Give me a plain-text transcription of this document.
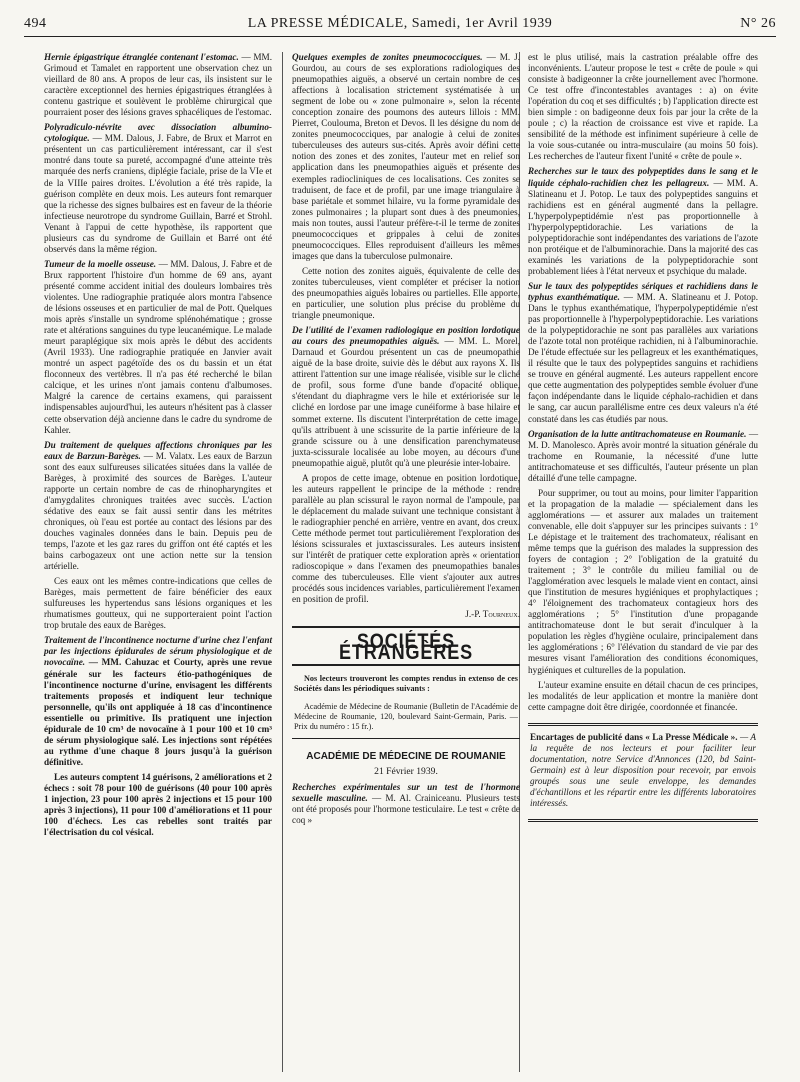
494	LA PRESSE MÉDICALE, Samedi, 1er Avril 1939	N° 26

Hernie épigastrique étranglée contenant l'estomac. — MM. Grimoud et Tamalet en rapportent une observation chez un vieillard de 80 ans. A propos de leur cas, ils insistent sur le caractère exceptionnel des hernies épigastriques étranglées à contenu gastrique et soulèvent le problème chirurgical que pourraient poser des lésions graves sphacéliques de l'estomac.

Polyradiculo-névrite avec dissociation albumino-cytologique. — MM. Dalous, J. Fabre, de Brux et Marrot en présentent un cas particulièrement intéressant, car il s'est montré dans toute sa pureté, accompagné d'une atteinte très marquée des nerfs craniens, diplégie faciale, prise de la VIe et de la VIIIe paires droites. L'évolution a été très rapide, la guérison complète en deux mois. Les auteurs font remarquer que la richesse des signes bulbaires est en faveur de la théorie infectieuse neurotrope du syndrome Guillain, Barré et Strohl. Venant à l'appui de cette hypothèse, ils rapportent que plusieurs cas du syndrome de Guillain et Barré ont été observés dans la même région.

Tumeur de la moelle osseuse. — MM. Dalous, J. Fabre et de Brux rapportent l'histoire d'un homme de 69 ans, ayant présenté comme accident initial des douleurs lombaires très violentes. Une radiographie pratiquée alors montra l'absence de lésions osseuses et en particulier de mal de Pott. Quelques mois après s'installe un syndrome splénohématique ; grosse rate et altérations sanguines du type leucanémique. Le malade meurt paraplégique six mois après le début des accidents (Avril 1933). Une radiographie pratiquée en Janvier avait montré un aspect pagétoïde des os du bassin et un état floconneux des vertèbres. Il n'a pas été recherché le bilan calcique, et les urines n'ont jamais contenu d'albumoses. Malgré la carence de certains examens, qui paraissent indispensables aujourd'hui, les auteurs n'hésitent pas à classer cette observation déjà ancienne dans le cadre du syndrome de Kahler.

Du traitement de quelques affections chroniques par les eaux de Barzun-Barèges. — M. Valatx. Les eaux de Barzun sont des eaux sulfureuses silicatées situées dans la vallée de Barèges, à proximité des sources de Barèges. L'auteur rapporte un certain nombre de cas de rhinopharyngites et d'amygdalites chroniques traitées avec succès. L'action sédative des eaux se fait aussi sentir dans les métrites chroniques, où l'eau est portée au contact des lésions par des douches vaginales données dans le bain. Depuis peu de temps, l'azote et les gaz rares du griffon ont été captés et les bains carbogazeux ont une action nette sur la tension artérielle.

Ces eaux ont les mêmes contre-indications que celles de Barèges, mais permettent de faire bénéficier des eaux sulfureuses les hypertendus sans lésions organiques et les rhumatismes goutteux, qui ne supporteraient point l'action trop brutale des eaux de Barèges.

Traitement de l'incontinence nocturne d'urine chez l'enfant par les injections épidurales de sérum physiologique et de novocaïne. — MM. Cahuzac et Courty, après une revue générale sur les facteurs étio-pathogéniques de l'incontinence nocturne d'urine, envisagent les différents traitements proposés et indiquent leur technique personnelle, qu'ils ont appliquée à 18 cas d'incontinence essentielle ou primitive. Ils pratiquent une injection épidurale de 10 cm³ de novocaïne à 1 pour 100 et 10 cm³ de sérum physiologique salé. Les injections sont répétées au rythme d'une chaque 8 jours jusqu'à la guérison définitive.

Les auteurs comptent 14 guérisons, 2 améliorations et 2 échecs : soit 78 pour 100 de guérisons (40 pour 100 après 1 injection, 23 pour 100 après 2 injections et 15 pour 100 après 3 injections), 11 pour 100 d'améliorations et 11 pour 100 d'échecs. Les cas rebelles sont traités par l'électrisation du col vésical.

Quelques exemples de zonites pneumococciques. — M. J. Gourdou, au cours de ses explorations radiologiques des pneumopathies aiguës, a observé un certain nombre de ces affections à localisation strictement systématisée à un segment de lobe ou « zone pulmonaire », selon la récente conception zonaire des poumons des auteurs lillois : MM. Pierret, Couloumа, Breton et Devos. Il les désigne du nom de zonites pneumococciques, par analogie à celui de zonites tuberculeuses des auteurs sus-cités. Après avoir défini cette notion des zones et des zonites, l'auteur met en relief son application dans les pneumopathies aiguës et présente des exemples radiocliniques de ces localisations. Ces zonites se traduisent, de face et de profil, par une image triangulaire à base pariétale et sommet hilaire, vu la forme pyramidale des zones pulmonaires ; la plupart sont dues à des pneumonies, mais non toutes, aussi l'auteur préfère-t-il le terme de zonites pneumococciques et grippales à celui de zonites pneumococciques. Elles reproduisent d'ailleurs les mêmes images que dans la tuberculose pulmonaire.

Cette notion des zonites aiguës, équivalente de celle des zonites tuberculeuses, vient compléter et préciser la notion des pneumopathies aiguës lobaires ou partielles. Elle apporte, en particulier, une solution plus précise du problème du triangle pneumonique.

De l'utilité de l'examen radiologique en position lordotique au cours des pneumopathies aiguës. — MM. L. Morel, Darnaud et Gourdou présentent un cas de pneumopathie aiguë de la base droite, suivie dès le début aux rayons X. Ils attirent l'attention sur une image réalisée, visible sur le cliché de profil, sous forme d'une bande d'opacité oblique, s'étendant du diaphragme vers le hile et extériorisée sur le cliché en lordose par une image cunéiforme à base hilaire et sommet externe. Ils discutent l'interprétation de cette image, qu'ils attribuent à une scissurite de la partie inférieure de la grande scissure ou à une densification parenchymateuse juxta-scissurale localisée au lobe moyen, au décours d'une pneumopathie aiguë, plutôt qu'à une pleurésie inter-lobaire.

A propos de cette image, obtenue en position lordotique, les auteurs rappellent le principe de la méthode : rendre parallèle au plan scissural le rayon normal de l'ampoule, par le déplacement du malade suivant une technique consistant à le radiographier penché en arrière, ventre en avant, dos creux. Cette méthode permet tout particulièrement l'exploration des lésions scissurales et juxtascissurales. Les auteurs insistent sur l'intérêt de pratiquer cette exploration après « orientation radioscopique » dans l'examen des pneumopathies banales comme des tuberculeuses. Elle vient s'ajouter aux autres procédés sous incidences variables, particulièrement l'examen en position de profil.

J.-P. Tourneux.
SOCIÉTÉS ÉTRANGÈRES
Nos lecteurs trouveront les comptes rendus in extenso de ces Sociétés dans les périodiques suivants :
Académie de Médecine de Roumanie (Bulletin de l'Académie de Médecine de Roumanie, 120, boulevard Saint-Germain, Paris. — Prix du numéro : 15 fr.).
ACADÉMIE DE MÉDECINE DE ROUMANIE
21 Février 1939.

Recherches expérimentales sur un test de l'hormone sexuelle masculine. — M. Al. Crainiceanu. Plusieurs tests ont été proposés pour l'hormone testiculaire. Le test « crête de coq »

est le plus utilisé, mais la castration préalable offre des inconvénients. L'auteur propose le test « crête de poule » qui consiste à badigeonner la crête journellement avec l'hormone. Ce test offre d'incontestables avantages : a) on évite l'opération du coq et ses difficultés ; b) l'application directe est bien simple : on badigeonne deux fois par jour la crête de la poule ; c) la réaction de croissance est vive et rapide. La sensibilité de la méthode est infiniment supérieure à celle de la voie sous-cutanée ou intra-musculaire (au moins 50 fois). Les recherches de l'auteur fixent l'unité « crête de poule ».

Recherches sur le taux des polypeptides dans le sang et le liquide céphalo-rachidien chez les pellagreux. — MM. A. Slatineanu et J. Potop. Le taux des polypeptides sanguins et rachidiens est en général augmenté dans la pellagre. L'hyperpolypeptidémie n'est pas proportionnelle à l'hyperpolypeptidorachie. Les variations de la polypeptidorachie sont indépendantes des variations de l'azote non protéique et de l'albuminorachie. Dans la majorité des cas examinés les variations de la polypeptidorachie sont probablement liées à l'état nerveux et psychique du malade.

Sur le taux des polypeptides sériques et rachidiens dans le typhus exanthématique. — MM. A. Slatineanu et J. Potop. Dans le typhus exanthématique, l'hyperpolypeptidémie n'est pas proportionnelle à l'hyperpolypeptidorachie. Les variations de la polypeptidorachie ne sont pas parallèles aux variations de l'azote total non protéique rachidien, ni à l'albuminorachie. De l'étude effectuée sur les pellagreux et les exanthématiques, il résulte que le taux des polypeptides sanguins et rachidiens se trouve en général augmenté. Les auteurs rappellent encore que cette augmentation des polypeptides semble évoluer d'une façon indépendante dans le liquide céphalo-rachidien et dans le sang, car aucun parallélisme entre ces deux valeurs n'a été constaté dans les cas étudiés par nous.

Organisation de la lutte antitrachomateuse en Roumanie. — M. D. Manolesco. Après avoir montré la situation générale du trachome en Roumanie, la nécessité d'une lutte antitrachomateuse et ses difficultés, l'auteur présente un plan détaillé d'une telle campagne.

Pour supprimer, ou tout au moins, pour limiter l'apparition et la propagation de la maladie — spécialement dans les agglomérations — et assurer aux malades un traitement convenable, elle doit s'appuyer sur les principes suivants : 1° Le dépistage et le traitement des trachomateux, réalisant en même temps que la guérison des malades la suppression des foyers de contagion ; 2° l'obligation de la gratuité du traitement ; 3° le contrôle du milieu familial ou de l'agglomération avec lesquels le malade vient en contact, ainsi que l'institution de mesures hygiéniques et prophylactiques ; 4° l'éloignement des trachomateux contagieux hors des agglomérations ; 5° l'institution d'une propagande antitrachomateuse dont le but serait d'inculquer à la population les règles d'hygiène oculaire, principalement dans les agglomérations ; 6° l'élévation du standard de vie par des mesures visant l'amélioration des conditions économiques, hygiéniques et culturelles de la population.

L'auteur examine ensuite en détail chacun de ces principes, les modalités de leur application et montre la manière dont cette campagne doit être dirigée, coordonnée et financée.

Encartages de publicité dans « La Presse Médicale ». — A la requête de nos lecteurs et pour faciliter leur documentation, notre Service d'Annonces (120, bd Saint-Germain) est à leur disposition pour recevoir, par envois groupés sous une seule enveloppe, les demandes d'échantillons et les répartir entre les différents laboratoires intéressés.
